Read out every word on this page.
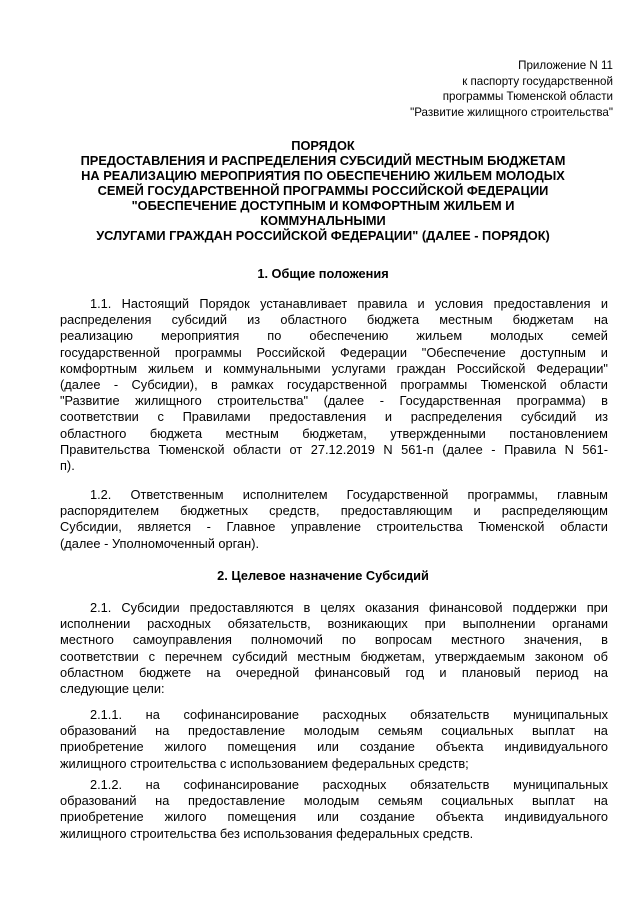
Приложение N 11
к паспорту государственной
программы Тюменской области
"Развитие жилищного строительства"
ПОРЯДОК
ПРЕДОСТАВЛЕНИЯ И РАСПРЕДЕЛЕНИЯ СУБСИДИЙ МЕСТНЫМ БЮДЖЕТАМ
НА РЕАЛИЗАЦИЮ МЕРОПРИЯТИЯ ПО ОБЕСПЕЧЕНИЮ ЖИЛЬЕМ МОЛОДЫХ
СЕМЕЙ ГОСУДАРСТВЕННОЙ ПРОГРАММЫ РОССИЙСКОЙ ФЕДЕРАЦИИ
"ОБЕСПЕЧЕНИЕ ДОСТУПНЫМ И КОМФОРТНЫМ ЖИЛЬЕМ И
КОММУНАЛЬНЫМИ
УСЛУГАМИ ГРАЖДАН РОССИЙСКОЙ ФЕДЕРАЦИИ" (ДАЛЕЕ - ПОРЯДОК)
1. Общие положения
1.1. Настоящий Порядок устанавливает правила и условия предоставления и
распределения субсидий из областного бюджета местным бюджетам на
реализацию мероприятия по обеспечению жильем молодых семей
государственной программы Российской Федерации "Обеспечение доступным и
комфортным жильем и коммунальными услугами граждан Российской Федерации"
(далее - Субсидии), в рамках государственной программы Тюменской области
"Развитие жилищного строительства" (далее - Государственная программа) в
соответствии с Правилами предоставления и распределения субсидий из
областного бюджета местным бюджетам, утвержденными постановлением
Правительства Тюменской области от 27.12.2019 N 561-п (далее - Правила N 561-
п).
1.2. Ответственным исполнителем Государственной программы, главным
распорядителем бюджетных средств, предоставляющим и распределяющим
Субсидии, является - Главное управление строительства Тюменской области
(далее - Уполномоченный орган).
2. Целевое назначение Субсидий
2.1. Субсидии предоставляются в целях оказания финансовой поддержки при
исполнении расходных обязательств, возникающих при выполнении органами
местного самоуправления полномочий по вопросам местного значения, в
соответствии с перечнем субсидий местным бюджетам, утверждаемым законом об
областном бюджете на очередной финансовый год и плановый период на
следующие цели:
2.1.1. на софинансирование расходных обязательств муниципальных
образований на предоставление молодым семьям социальных выплат на
приобретение жилого помещения или создание объекта индивидуального
жилищного строительства с использованием федеральных средств;
2.1.2. на софинансирование расходных обязательств муниципальных
образований на предоставление молодым семьям социальных выплат на
приобретение жилого помещения или создание объекта индивидуального
жилищного строительства без использования федеральных средств.
